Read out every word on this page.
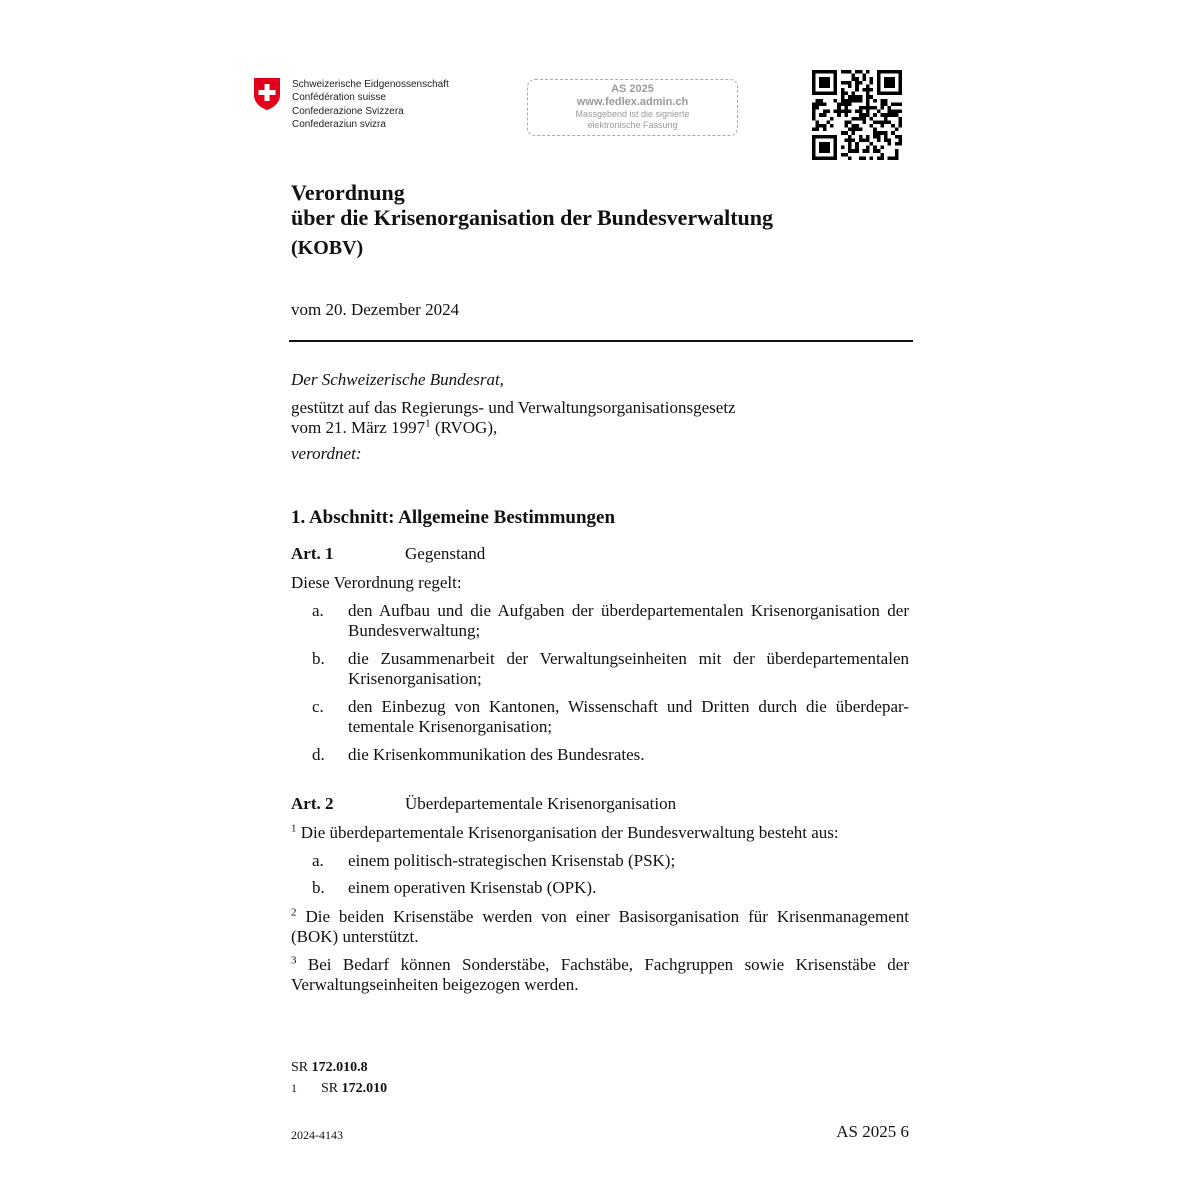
Schweizerische Eidgenossenschaft
Confédération suisse
Confederazione Svizzera
Confederaziun svizra
AS 2025
www.fedlex.admin.ch
Massgebend ist die signierte
elektronische Fassung
Verordnung
über die Krisenorganisation der Bundesverwaltung
(KOBV)
vom 20. Dezember 2024
Der Schweizerische Bundesrat,
gestützt auf das Regierungs- und Verwaltungsorganisationsgesetz
vom 21. März 1997$^1$ (RVOG),
verordnet:
1. Abschnitt: Allgemeine Bestimmungen
Art. 1	Gegenstand
Diese Verordnung regelt:
a. den Aufbau und die Aufgaben der überdepartementalen Krisenorganisation der Bundesverwaltung;
b. die Zusammenarbeit der Verwaltungseinheiten mit der überdepartementalen Krisenorganisation;
c. den Einbezug von Kantonen, Wissenschaft und Dritten durch die überdepar- tementale Krisenorganisation;
d. die Krisenkommunikation des Bundesrates.
Art. 2	Überdepartementale Krisenorganisation
$^1$ Die überdepartementale Krisenorganisation der Bundesverwaltung besteht aus:
a. einem politisch-strategischen Krisenstab (PSK);
b. einem operativen Krisenstab (OPK).
$^2$ Die beiden Krisenstäbe werden von einer Basisorganisation für Krisenmanagement (BOK) unterstützt.
$^3$ Bei Bedarf können Sonderstäbe, Fachstäbe, Fachgruppen sowie Krisenstäbe der Verwaltungseinheiten beigezogen werden.
SR 172.010.8
1 SR 172.010
2024-4143	AS 2025 6
